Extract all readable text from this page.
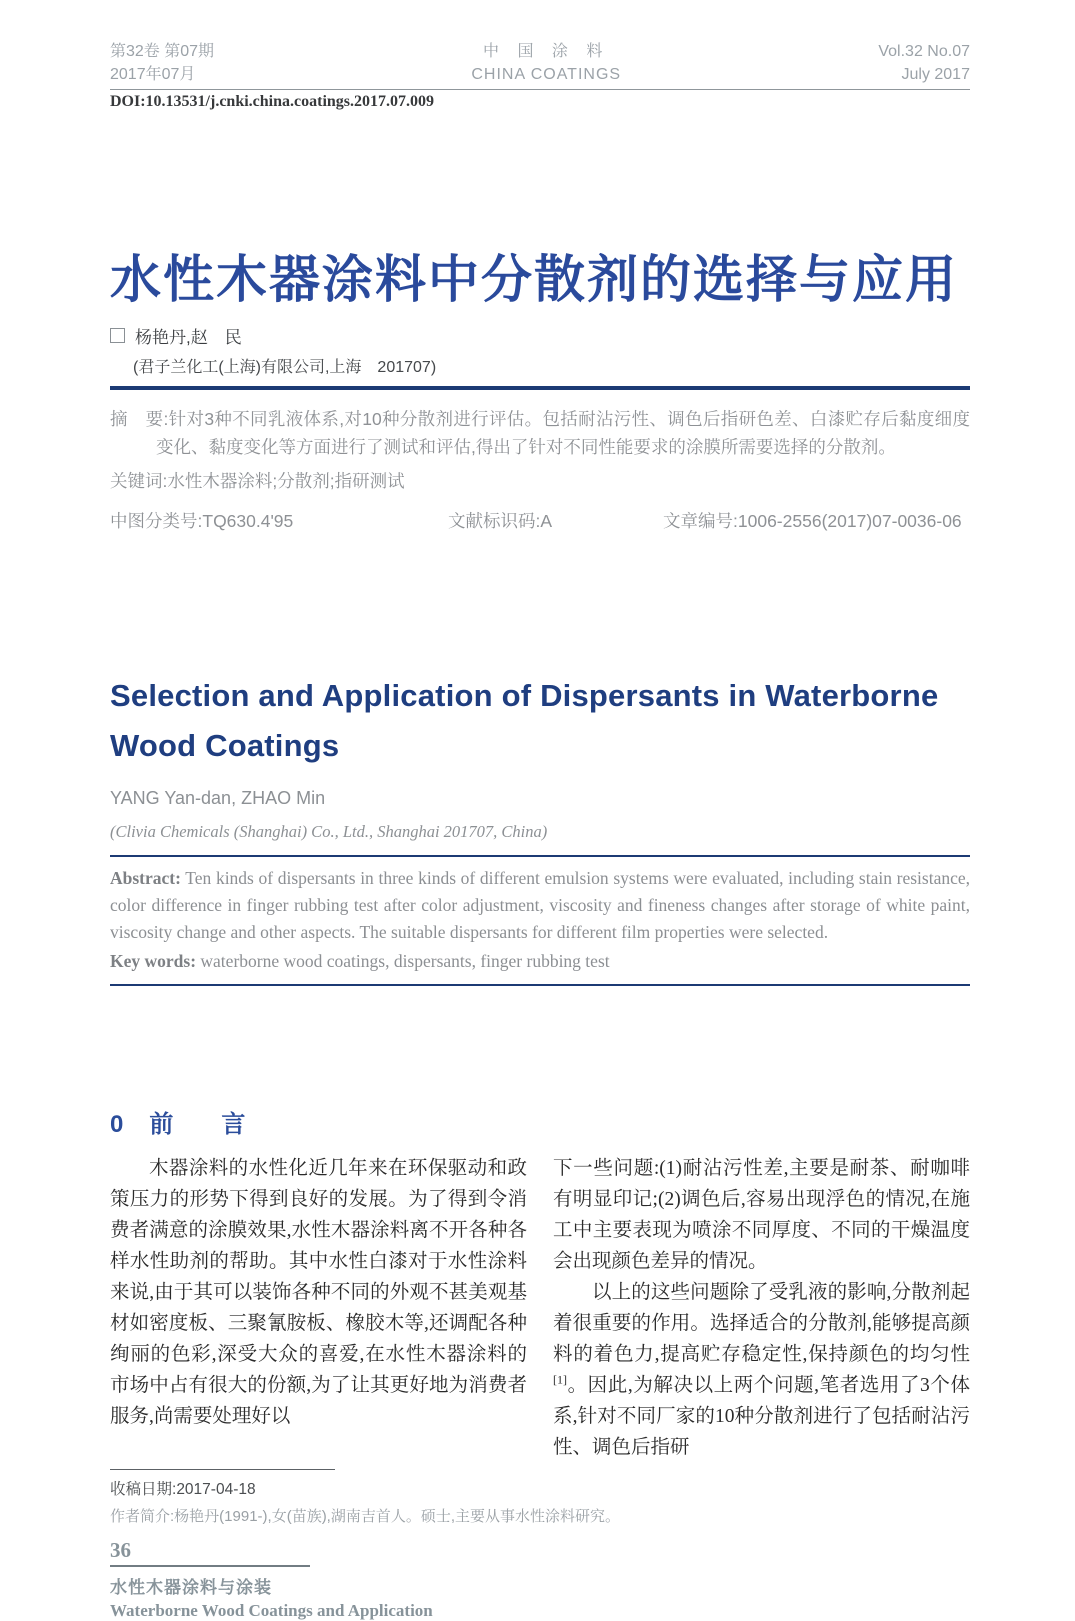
第32卷 第07期
2017年07月
中 国 涂 料
CHINA COATINGS
Vol.32 No.07
July 2017
DOI:10.13531/j.cnki.china.coatings.2017.07.009
水性木器涂料中分散剂的选择与应用
杨艳丹,赵　民
(君子兰化工(上海)有限公司,上海　201707)

摘　要:针对3种不同乳液体系,对10种分散剂进行评估。包括耐沾污性、调色后指研色差、白漆贮存后黏度细度变化、黏度变化等方面进行了测试和评估,得出了针对不同性能要求的涂膜所需要选择的分散剂。

关键词:水性木器涂料;分散剂;指研测试
中图分类号:TQ630.4'95	文献标识码:A	文章编号:1006-2556(2017)07-0036-06
Selection and Application of Dispersants in Waterborne Wood Coatings
YANG Yan-dan, ZHAO Min
(Clivia Chemicals (Shanghai) Co., Ltd., Shanghai 201707, China)

Abstract: Ten kinds of dispersants in three kinds of different emulsion systems were evaluated, including stain resistance, color difference in finger rubbing test after color adjustment, viscosity and fineness changes after storage of white paint, viscosity change and other aspects. The suitable dispersants for different film properties were selected.

Key words: waterborne wood coatings, dispersants, finger rubbing test
0 前　言

木器涂料的水性化近几年来在环保驱动和政策压力的形势下得到良好的发展。为了得到令消费者满意的涂膜效果,水性木器涂料离不开各种各样水性助剂的帮助。其中水性白漆对于水性涂料来说,由于其可以装饰各种不同的外观不甚美观基材如密度板、三聚氰胺板、橡胶木等,还调配各种绚丽的色彩,深受大众的喜爱,在水性木器涂料的市场中占有很大的份额,为了让其更好地为消费者服务,尚需要处理好以

下一些问题:(1)耐沾污性差,主要是耐茶、耐咖啡有明显印记;(2)调色后,容易出现浮色的情况,在施工中主要表现为喷涂不同厚度、不同的干燥温度会出现颜色差异的情况。

以上的这些问题除了受乳液的影响,分散剂起着很重要的作用。选择适合的分散剂,能够提高颜料的着色力,提高贮存稳定性,保持颜色的均匀性[1]。因此,为解决以上两个问题,笔者选用了3个体系,针对不同厂家的10种分散剂进行了包括耐沾污性、调色后指研

收稿日期:2017-04-18
作者简介:杨艳丹(1991-),女(苗族),湖南吉首人。硕士,主要从事水性涂料研究。
36
水性木器涂料与涂装
Waterborne Wood Coatings and Application
